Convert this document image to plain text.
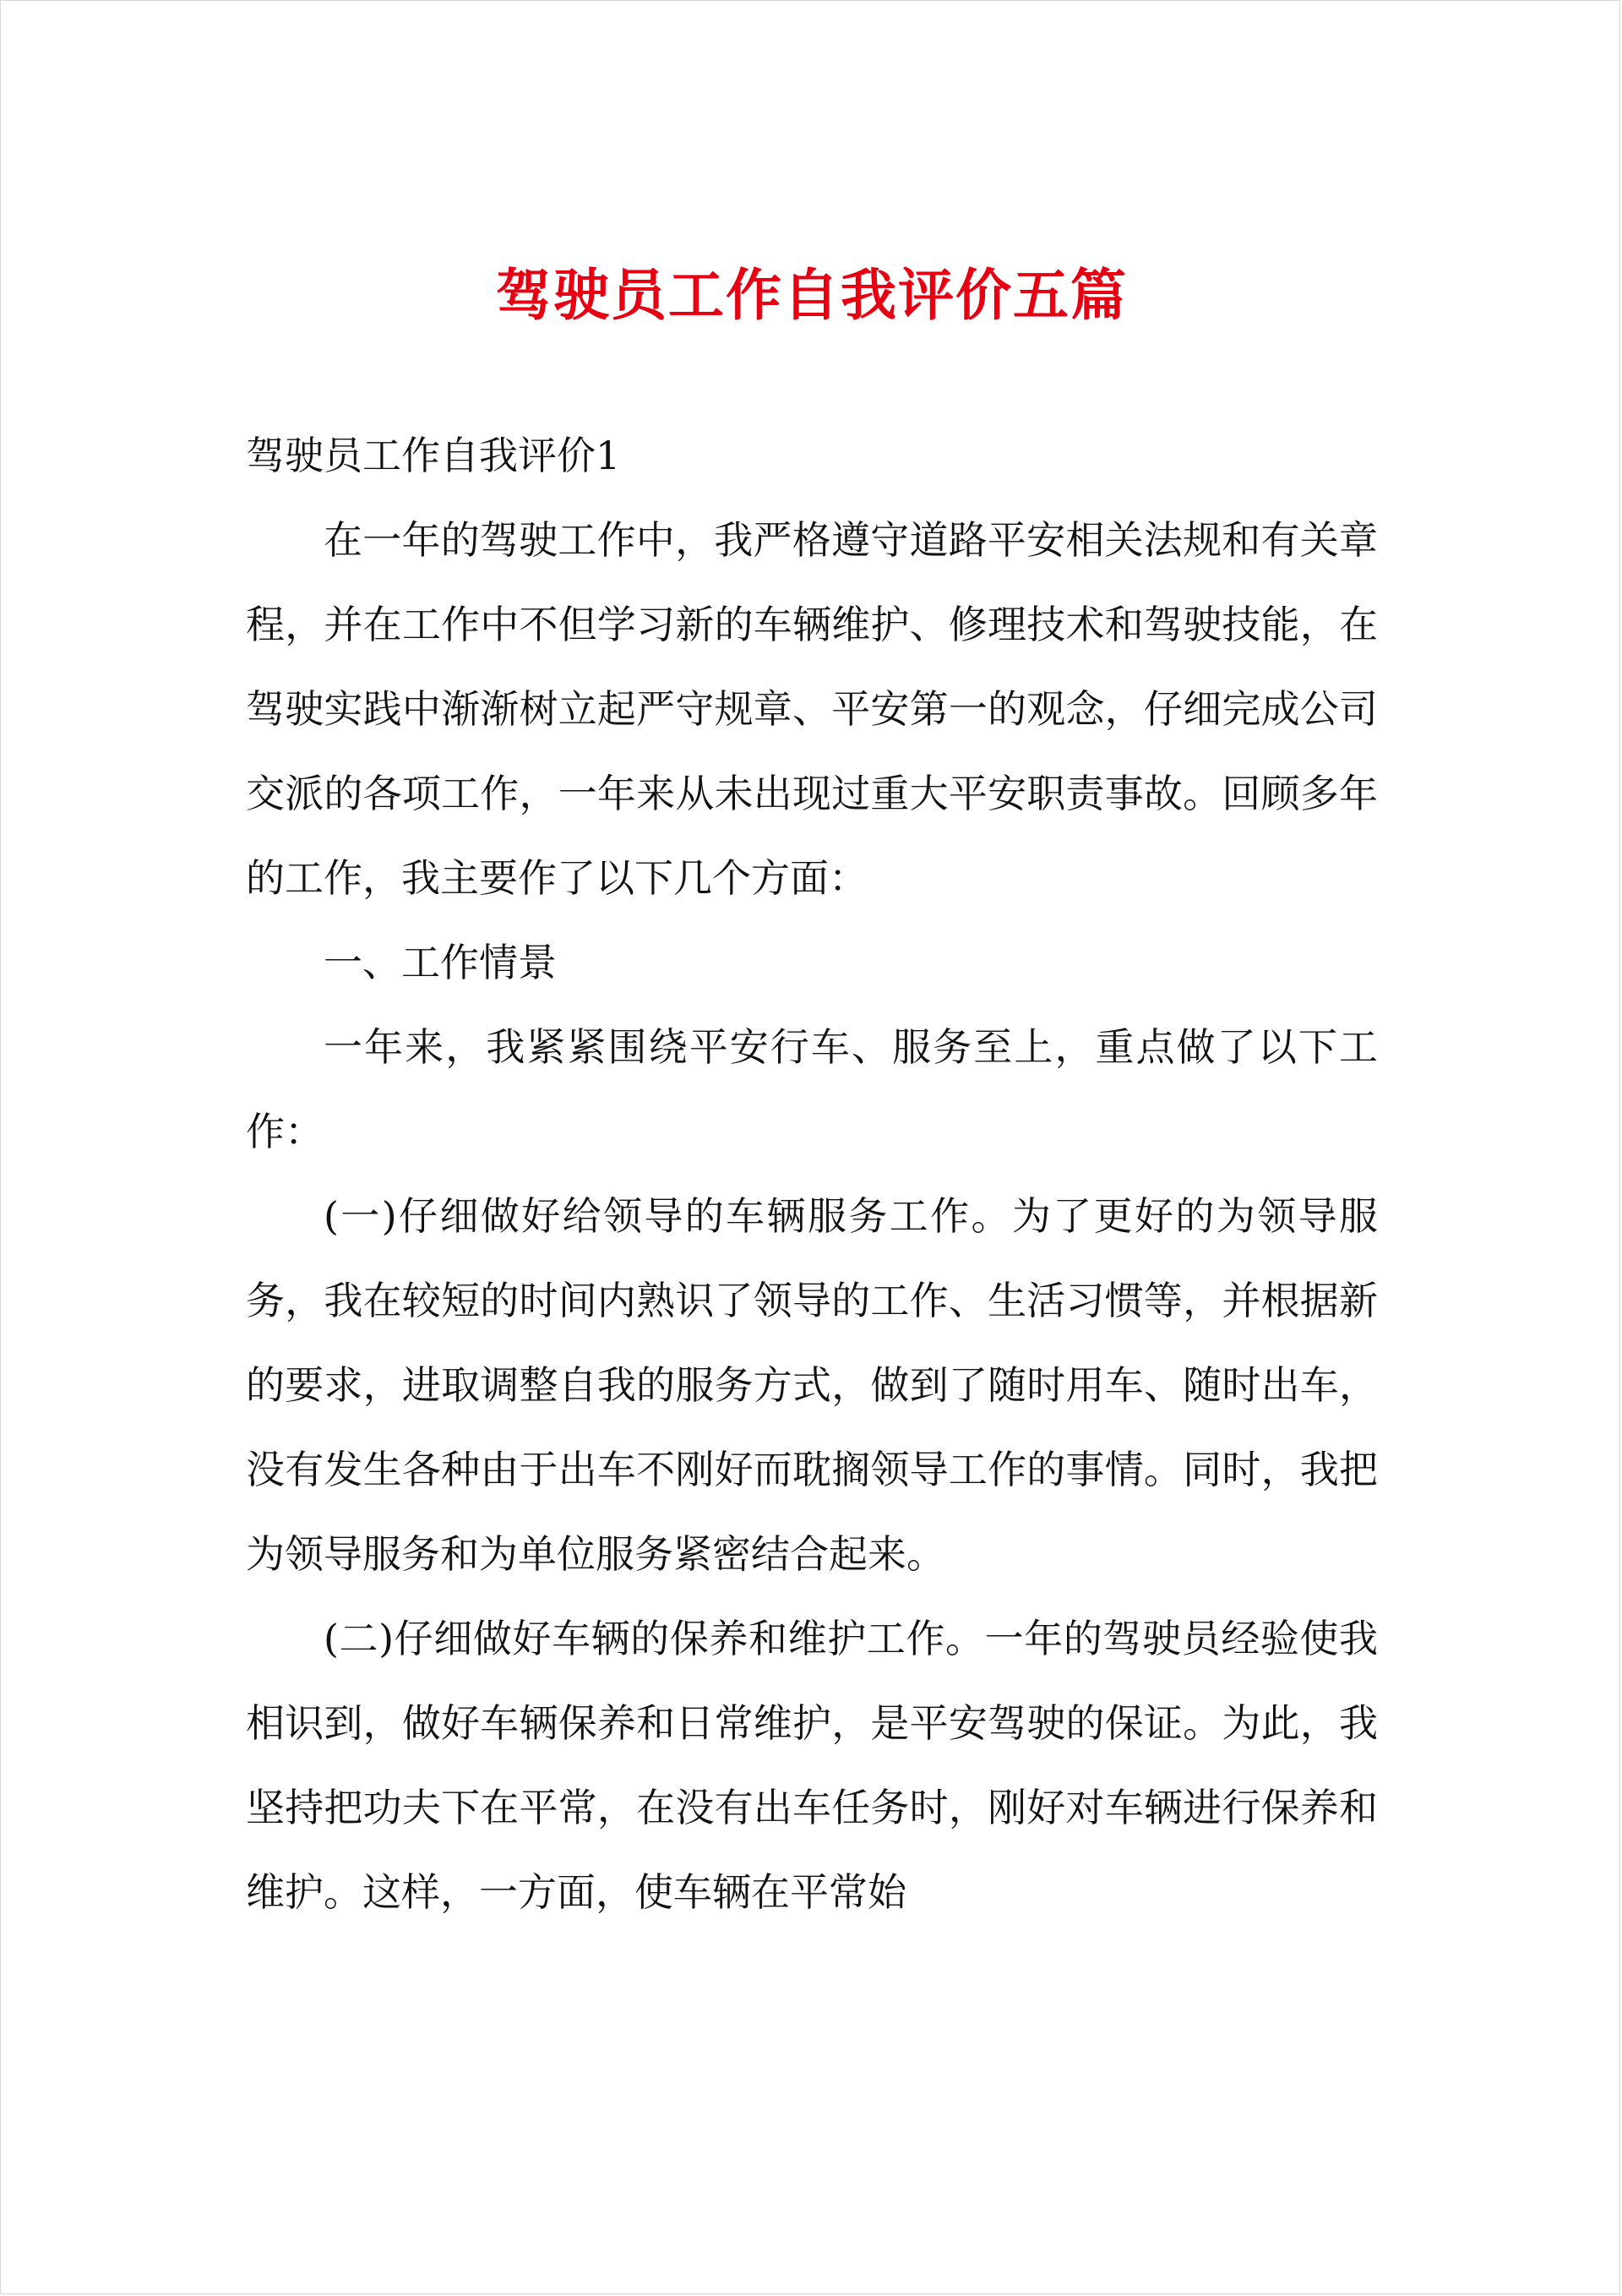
驾驶员工作自我评价五篇
驾驶员工作自我评价1

在一年的驾驶工作中，我严格遵守道路平安相关法规和有关章程，并在工作中不但学习新的车辆维护、修理技术和驾驶技能，在驾驶实践中渐渐树立起严守规章、平安第一的观念，仔细完成公司交派的各项工作，一年来从未出现过重大平安职责事故。回顾多年的工作，我主要作了以下几个方面：

一、工作情景

一年来，我紧紧围绕平安行车、服务至上，重点做了以下工作：

(一)仔细做好给领导的车辆服务工作。为了更好的为领导服务，我在较短的时间内熟识了领导的工作、生活习惯等，并根据新的要求，进取调整自我的服务方式，做到了随时用车、随时出车，没有发生各种由于出车不刚好而耽搁领导工作的事情。同时，我把为领导服务和为单位服务紧密结合起来。

(二)仔细做好车辆的保养和维护工作。一年的驾驶员经验使我相识到，做好车辆保养和日常维护，是平安驾驶的保证。为此，我坚持把功夫下在平常，在没有出车任务时，刚好对车辆进行保养和维护。这样，一方面，使车辆在平常始
